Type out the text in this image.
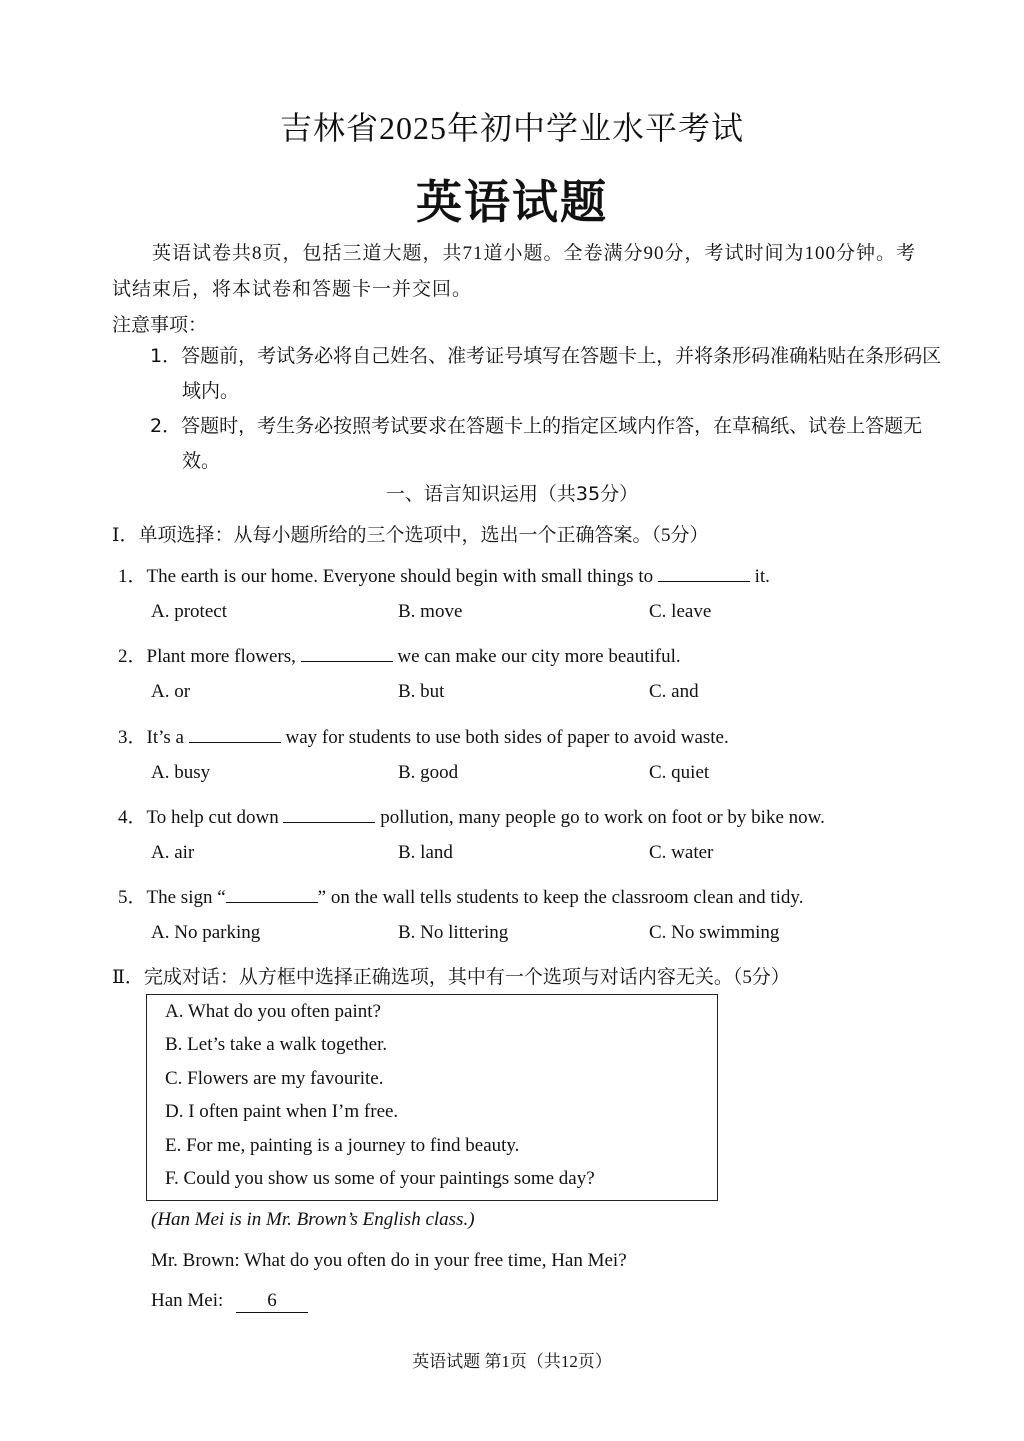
吉林省2025年初中学业水平考试
英语试题
英语试卷共8页，包括三道大题，共71道小题。全卷满分90分，考试时间为100分钟。考试结束后，将本试卷和答题卡一并交回。
注意事项：
1．答题前，考试务必将自己姓名、准考证号填写在答题卡上，并将条形码准确粘贴在条形码区域内。
2．答题时，考生务必按照考试要求在答题卡上的指定区域内作答，在草稿纸、试卷上答题无效。
一、语言知识运用（共35分）
Ⅰ．单项选择：从每小题所给的三个选项中，选出一个正确答案。（5分）
1．The earth is our home. Everyone should begin with small things to	it.
A. protect	B. move	C. leave
2．Plant more flowers,	we can make our city more beautiful.
A. or	B. but	C. and
3．It’s a	way for students to use both sides of paper to avoid waste.
A. busy	B. good	C. quiet
4．To help cut down	pollution, many people go to work on foot or by bike now.
A. air	B. land	C. water
5．The sign “	” on the wall tells students to keep the classroom clean and tidy.
A. No parking	B. No littering	C. No swimming
Ⅱ．完成对话：从方框中选择正确选项，其中有一个选项与对话内容无关。（5分）
A. What do you often paint?
B. Let’s take a walk together.
C. Flowers are my favourite.
D. I often paint when I’m free.
E. For me, painting is a journey to find beauty.
F. Could you show us some of your paintings some day?
(Han Mei is in Mr. Brown’s English class.)
Mr. Brown: What do you often do in your free time, Han Mei?
Han Mei: 6
英语试题 第1页（共12页）
